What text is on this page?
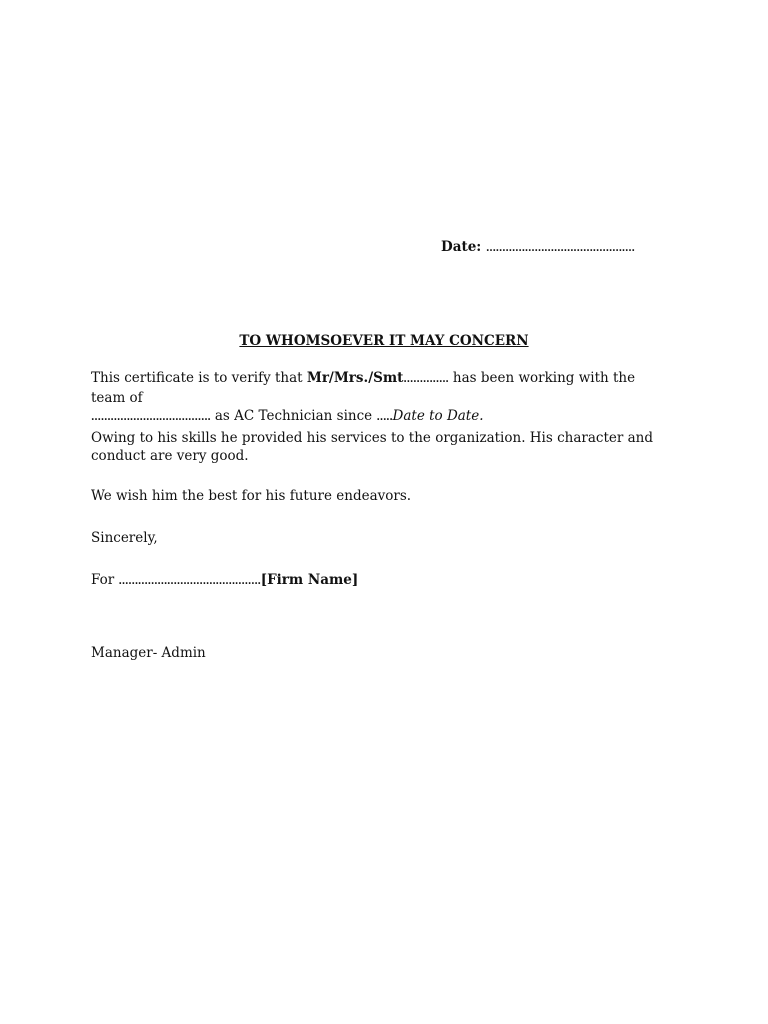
Date: ……………………………………….
TO WHOMSOEVER IT MAY CONCERN
This certificate is to verify that Mr/Mrs./Smt………….. has been working with the team of
………………………………. as AC Technician since …..Date to Date.
Owing to his skills he provided his services to the organization. His character and conduct are very good.
We wish him the best for his future endeavors.
Sincerely,
For ……………………………………..[Firm Name]
Manager- Admin
